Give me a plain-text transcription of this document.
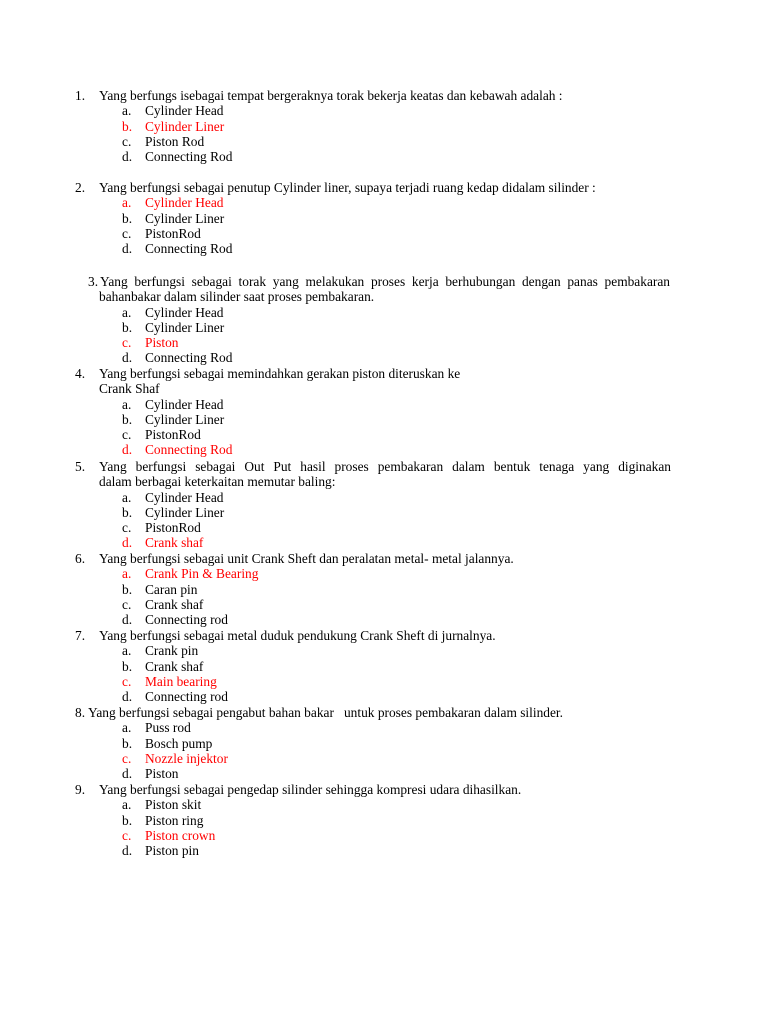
1. Yang berfungs isebagai tempat bergeraknya torak bekerja keatas dan kebawah adalah :
a. Cylinder Head
b. Cylinder Liner
c. Piston Rod
d. Connecting Rod
2. Yang berfungsi sebagai penutup Cylinder liner, supaya terjadi ruang kedap didalam silinder :
a. Cylinder Head
b. Cylinder Liner
c. PistonRod
d. Connecting Rod
3. Yang berfungsi sebagai torak yang melakukan proses kerja berhubungan dengan panas pembakaran
bahanbakar dalam silinder saat proses pembakaran.
a. Cylinder Head
b. Cylinder Liner
c. Piston
d. Connecting Rod
4. Yang berfungsi sebagai memindahkan gerakan piston diteruskan ke
Crank Shaf
a. Cylinder Head
b. Cylinder Liner
c. PistonRod
d. Connecting Rod
5. Yang berfungsi sebagai Out Put hasil proses pembakaran dalam bentuk tenaga yang diginakan
dalam berbagai keterkaitan memutar baling:
a. Cylinder Head
b. Cylinder Liner
c. PistonRod
d. Crank shaf
6. Yang berfungsi sebagai unit Crank Sheft dan peralatan metal- metal jalannya.
a. Crank Pin & Bearing
b. Caran pin
c. Crank shaf
d. Connecting rod
7. Yang berfungsi sebagai metal duduk pendukung Crank Sheft di jurnalnya.
a. Crank pin
b. Crank shaf
c. Main bearing
d. Connecting rod
8. Yang berfungsi sebagai pengabut bahan bakar   untuk proses pembakaran dalam silinder.
a. Puss rod
b. Bosch pump
c. Nozzle injektor
d. Piston
9. Yang berfungsi sebagai pengedap silinder sehingga kompresi udara dihasilkan.
a. Piston skit
b. Piston ring
c. Piston crown
d. Piston pin
